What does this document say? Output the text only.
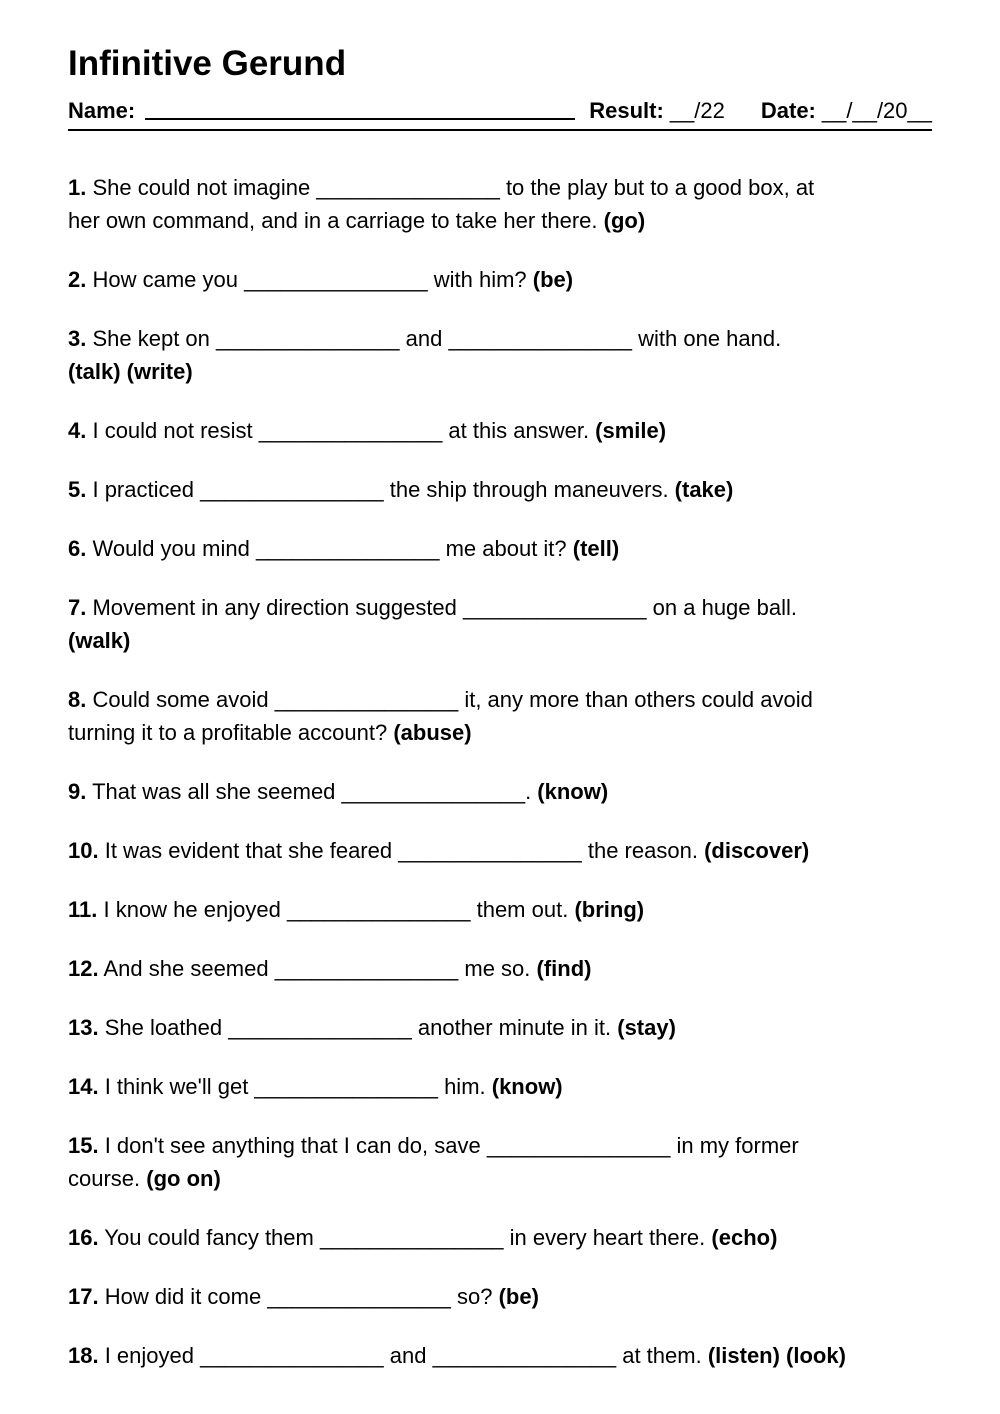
Infinitive Gerund
Name:	Result: __/22 Date: __/__/20__

1. She could not imagine _______________ to the play but to a good box, at
her own command, and in a carriage to take her there. (go)

2. How came you _______________ with him? (be)

3. She kept on _______________ and _______________ with one hand.
(talk) (write)

4. I could not resist _______________ at this answer. (smile)

5. I practiced _______________ the ship through maneuvers. (take)

6. Would you mind _______________ me about it? (tell)

7. Movement in any direction suggested _______________ on a huge ball.
(walk)

8. Could some avoid _______________ it, any more than others could avoid
turning it to a profitable account? (abuse)

9. That was all she seemed _______________. (know)

10. It was evident that she feared _______________ the reason. (discover)

11. I know he enjoyed _______________ them out. (bring)

12. And she seemed _______________ me so. (find)

13. She loathed _______________ another minute in it. (stay)

14. I think we'll get _______________ him. (know)

15. I don't see anything that I can do, save _______________ in my former
course. (go on)

16. You could fancy them _______________ in every heart there. (echo)

17. How did it come _______________ so? (be)

18. I enjoyed _______________ and _______________ at them. (listen) (look)
